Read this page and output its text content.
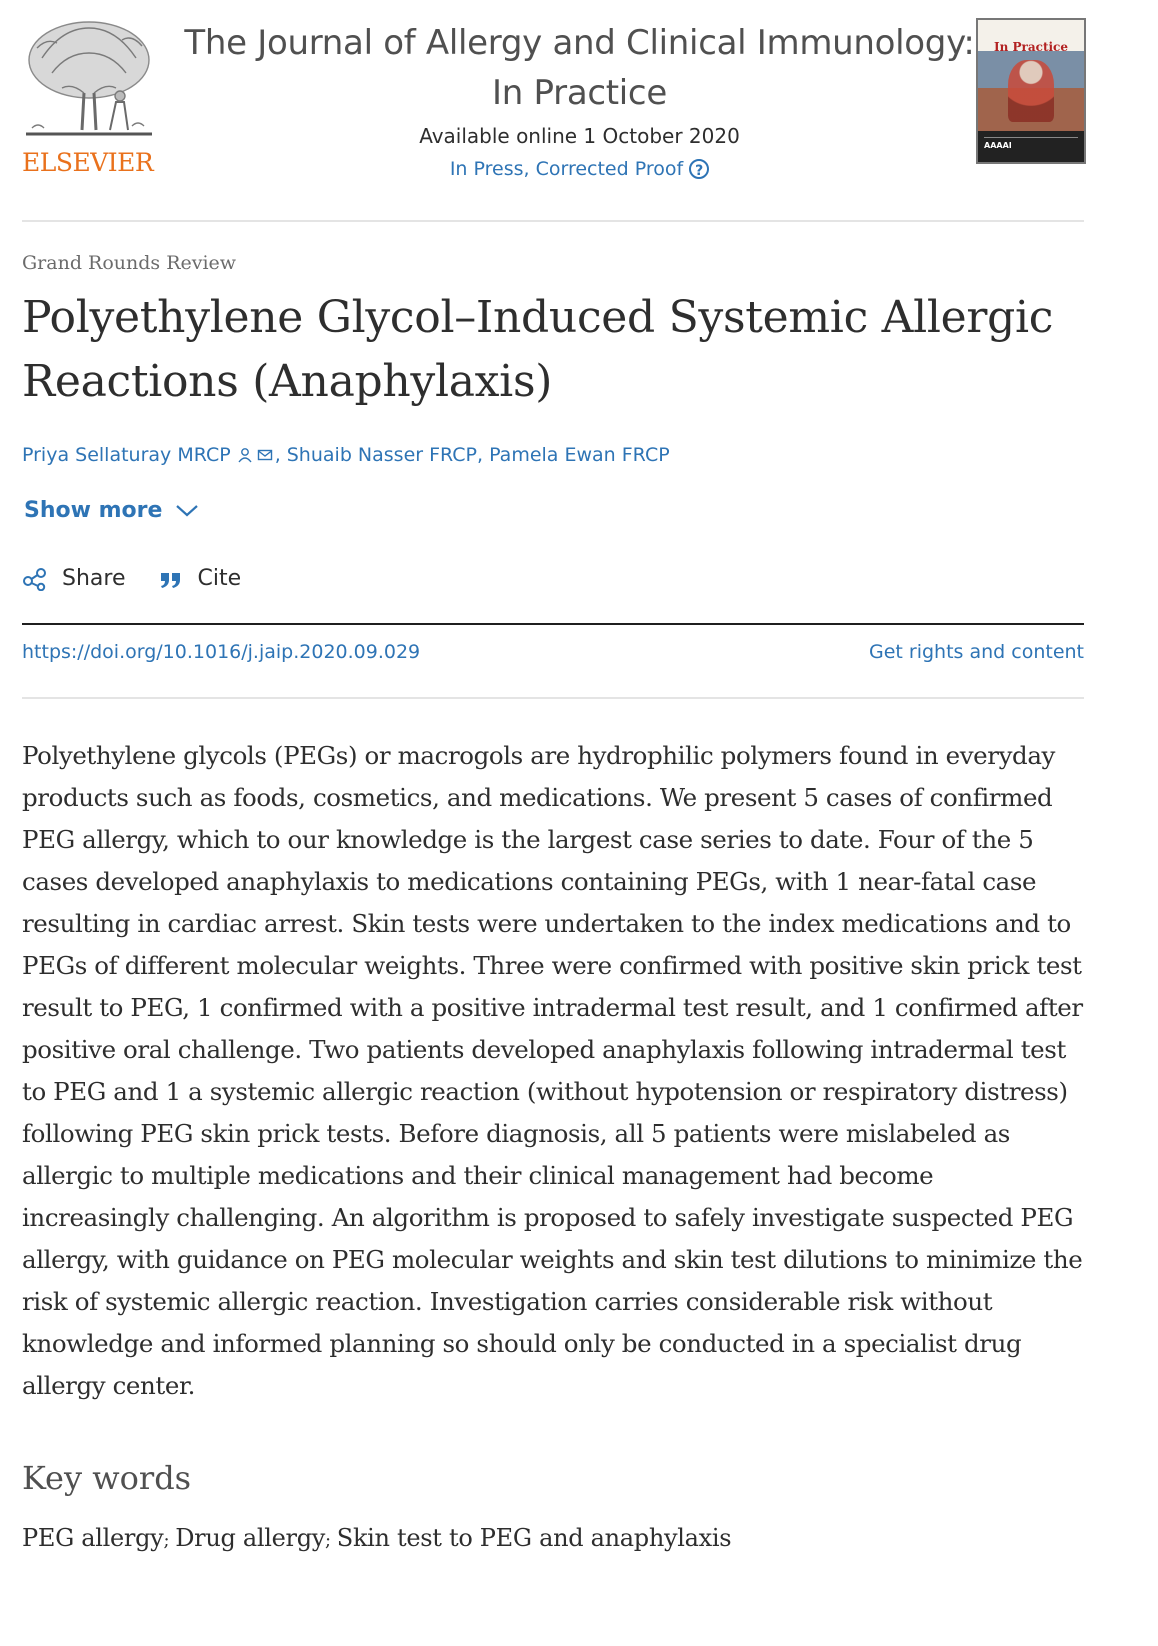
ELSEVIER
The Journal of Allergy and Clinical Immunology: In Practice
Available online 1 October 2020
In Press, Corrected Proof ?
In Practice
AAAAI
Grand Rounds Review
Polyethylene Glycol–Induced Systemic Allergic Reactions (Anaphylaxis)
Priya Sellaturay MRCP , Shuaib Nasser FRCP , Pamela Ewan FRCP
Show more
Share	Cite
https://doi.org/10.1016/j.jaip.2020.09.029	Get rights and content
Polyethylene glycols (PEGs) or macrogols are hydrophilic polymers found in everyday products such as foods, cosmetics, and medications. We present 5 cases of confirmed PEG allergy, which to our knowledge is the largest case series to date. Four of the 5 cases developed anaphylaxis to medications containing PEGs, with 1 near-fatal case resulting in cardiac arrest. Skin tests were undertaken to the index medications and to PEGs of different molecular weights. Three were confirmed with positive skin prick test result to PEG, 1 confirmed with a positive intradermal test result, and 1 confirmed after positive oral challenge. Two patients developed anaphylaxis following intradermal test to PEG and 1 a systemic allergic reaction (without hypotension or respiratory distress) following PEG skin prick tests. Before diagnosis, all 5 patients were mislabeled as allergic to multiple medications and their clinical management had become increasingly challenging. An algorithm is proposed to safely investigate suspected PEG allergy, with guidance on PEG molecular weights and skin test dilutions to minimize the risk of systemic allergic reaction. Investigation carries considerable risk without knowledge and informed planning so should only be conducted in a specialist drug allergy center.
Key words
PEG allergy; Drug allergy; Skin test to PEG and anaphylaxis
